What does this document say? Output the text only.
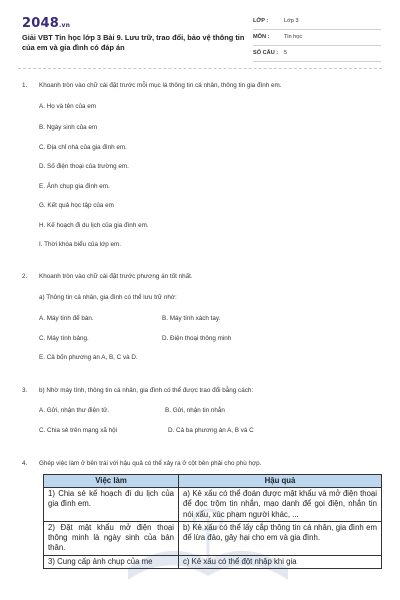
2048.vn
Giải VBT Tin học lớp 3 Bài 9. Lưu trữ, trao đổi, bảo vệ thông tin của em và gia đình có đáp án
LỚP :	Lớp 3
MÔN :	Tin học
SỐ CÂU : 5
1. Khoanh tròn vào chữ cái đặt trước mỗi mục là thông tin cá nhân, thông tin gia đình em.
A. Họ và tên của em
B. Ngày sinh của em
C. Địa chỉ nhà của gia đình em.
D. Số điện thoại của trường em.
E. Ảnh chụp gia đình em.
G. Kết quả học tập của em
H. Kế hoạch đi du lịch của gia đình em.
I. Thời khóa biểu của lớp em.
2. Khoanh tròn vào chữ cái đặt trước phương án tốt nhất.
a) Thông tin cá nhân, gia đình có thể lưu trữ nhờ:
A. Máy tính để bàn.	B. Máy tính xách tay.
C. Máy tính bảng.	D. Điện thoại thông minh
E. Cả bốn phương án A, B, C và D.
3. b) Nhờ máy tính, thông tin cá nhân, gia đình có thể được trao đổi bằng cách:
A. Gửi, nhận thư điện tử.	B. Gửi, nhận tin nhắn
C. Chia sẻ trên mạng xã hội	D. Cả ba phương án A, B và C
4. Ghép việc làm ở bên trái với hậu quả có thể xảy ra ở cột bên phải cho phù hợp.
Việc làm	Hậu quả
1) Chia sẻ kế hoạch đi du lịch của gia đình em.	a) Kẻ xấu có thể đoán được mật khẩu và mở điện thoại để đọc trộm tin nhắn, mạo danh để gọi điện, nhắn tin nói xấu, xúc phạm người khác, ...
2) Đặt mật khẩu mở điện thoại thông minh là ngày sinh của bản thân.	b) Kẻ xấu có thể lấy cắp thông tin cá nhân, gia đình em để lừa đảo, gây hại cho em và gia đình.
3) Cung cấp ảnh chụp của me	c) Kẻ xấu có thể đột nhập khi gia
